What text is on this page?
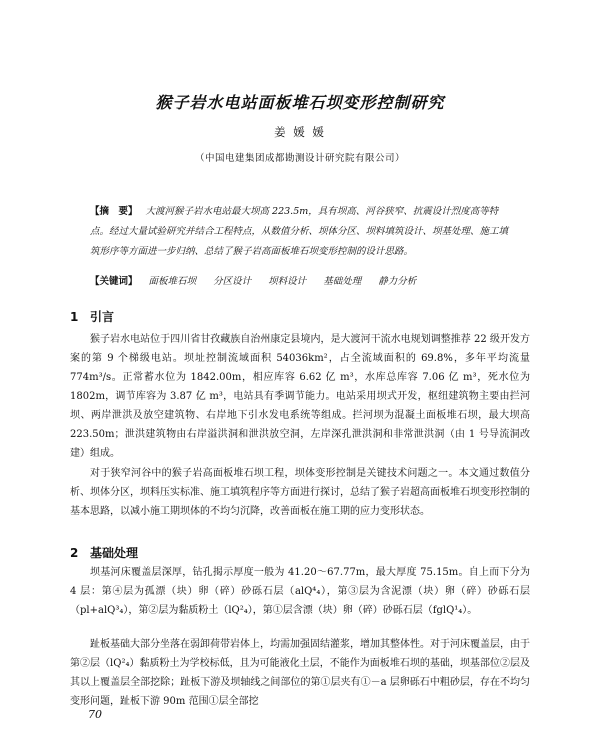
猴子岩水电站面板堆石坝变形控制研究
姜 媛 媛
（中国电建集团成都勘测设计研究院有限公司）
【摘　要】 大渡河猴子岩水电站最大坝高 223.5m，具有坝高、河谷狭窄、抗震设计烈度高等特点。经过大量试验研究并结合工程特点，从数值分析、坝体分区、坝料填筑设计、坝基处理、施工填筑形序等方面进一步归纳、总结了猴子岩高面板堆石坝变形控制的设计思路。
【关键词】 面板堆石坝 分区设计 坝料设计 基础处理 静力分析
1 引言

猴子岩水电站位于四川省甘孜藏族自治州康定县境内，是大渡河干流水电规划调整推荐 22 级开发方案的第 9 个梯级电站。坝址控制流域面积 54036km²，占全流域面积的 69.8%，多年平均流量 774m³/s。正常蓄水位为 1842.00m，相应库容 6.62 亿 m³，水库总库容 7.06 亿 m³，死水位为 1802m，调节库容为 3.87 亿 m³，电站具有季调节能力。电站采用坝式开发，枢纽建筑物主要由拦河坝、两岸泄洪及放空建筑物、右岸地下引水发电系统等组成。拦河坝为混凝土面板堆石坝，最大坝高 223.50m；泄洪建筑物由右岸溢洪洞和泄洪放空洞，左岸深孔泄洪洞和非常泄洪洞（由 1 号导流洞改建）组成。

对于狭窄河谷中的猴子岩高面板堆石坝工程，坝体变形控制是关键技术问题之一。本文通过数值分析、坝体分区，坝料压实标准、施工填筑程序等方面进行探讨，总结了猴子岩超高面板堆石坝变形控制的基本思路，以减小施工期坝体的不均匀沉降，改善面板在施工期的应力变形状态。

2 基础处理

坝基河床覆盖层深厚，钻孔揭示厚度一般为 41.20～67.77m，最大厚度 75.15m。自上而下分为 4 层：第④层为孤漂（块）卵（碎）砂砾石层（alQ⁴₄），第③层为含泥漂（块）卵（碎）砂砾石层（pl+alQ³₄），第②层为黏质粉土（lQ²₄），第①层含漂（块）卵（碎）砂砾石层（fglQ¹₄）。

趾板基础大部分坐落在弱卸荷带岩体上，均需加强固结灌浆，增加其整体性。对于河床覆盖层，由于第②层（lQ²₄）黏质粉土为学校标低，且为可能液化土层，不能作为面板堆石坝的基础，坝基部位②层及其以上覆盖层全部挖除；趾板下游及坝轴线之间部位的第①层夹有①－a 层卵砾石中粗砂层，存在不均匀变形问题，趾板下游 90m 范围①层全部挖

70
